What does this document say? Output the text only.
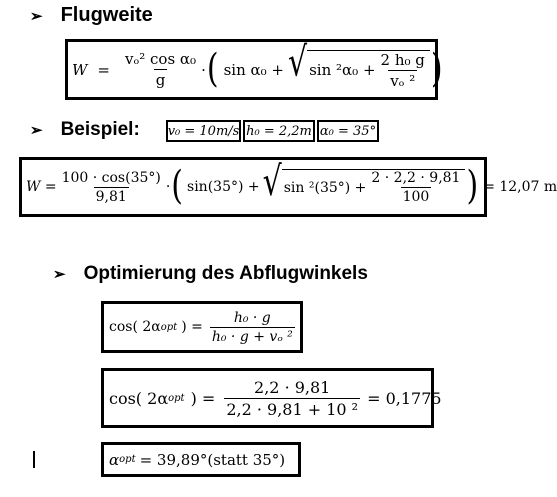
➢ Flugweite
$W = \frac{\text{vₒ² cos α₀}}{g}$ · ( sin α₀ + √ $\sin ^2\alpha_0 + \frac{\text{2 h₀ g}}{\text{vₒ ²}}$ )
➢ Beispiel: v₀ = 10m/s h₀ = 2,2m α₀ = 35°
$W = \frac{100 \cdot \cos(35^\circ)}{9,81}$ · ( sin(35°) + √ $\sin ^2(35^\circ) + \frac{2 \cdot 2,2 \cdot 9,81}{100}$ ) = 12,07 m
➢ Optimierung des Abflugwinkels
cos( 2α opt ) = $\frac{\text{h₀ · g}}{\text{h₀ · g + vₒ ²}}$
cos( 2α opt ) = $\frac{2,2 \cdot 9,81}{\text{2,2 · 9,81 + 10 ²}} = 0,1775$
α opt = 39,89°(statt 35°)
